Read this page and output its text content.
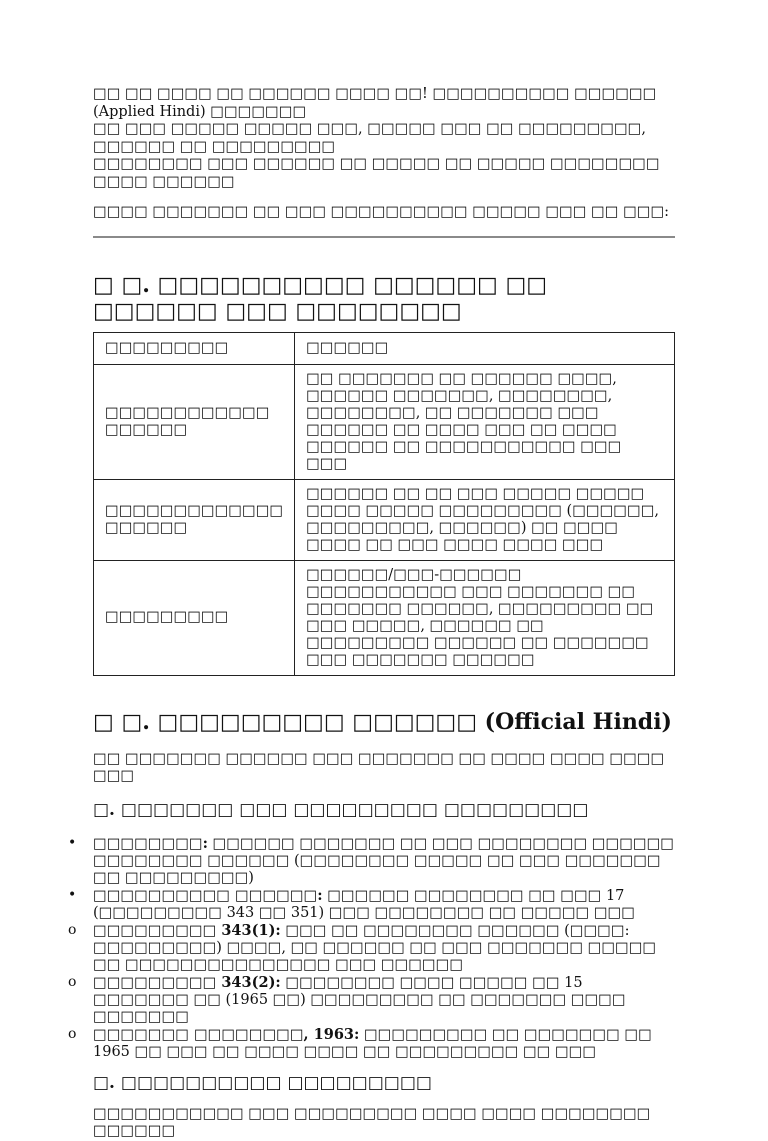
□□ □□ □□□□ □□ □□□□□□ □□□□ □□! □□□□□□□□□□ □□□□□□ (Applied Hindi) □□□□□□□
□□ □□□ □□□□□ □□□□□ □□□, □□□□□ □□□ □□ □□□□□□□□□, □□□□□□ □□ □□□□□□□□□
□□□□□□□□ □□□ □□□□□□ □□ □□□□□ □□ □□□□□ □□□□□□□□ □□□□ □□□□□□

□□□□ □□□□□□□ □□ □□□ □□□□□□□□□□ □□□□□ □□□ □□ □□□:

□ □. □□□□□□□□□□ □□□□□□ □□ □□□□□□ □□□ □□□□□□□□
□□□□□□□□□	□□□□□□
□□□□□□□□□□□□ □□□□□□	□□ □□□□□□□ □□ □□□□□□ □□□□, □□□□□□ □□□□□□□, □□□□□□□□, □□□□□□□□, □□ □□□□□□□ □□□ □□□□□□ □□ □□□□ □□□ □□ □□□□ □□□□□□ □□ □□□□□□□□□□□ □□□ □□□
□□□□□□□□□□□□□ □□□□□□	□□□□□□ □□ □□ □□□ □□□□□ □□□□□ □□□□ □□□□□ □□□□□□□□□ (□□□□□□, □□□□□□□□□, □□□□□□) □□ □□□□ □□□□ □□ □□□ □□□□ □□□□ □□□
□□□□□□□□□	□□□□□□/□□□-□□□□□□ □□□□□□□□□□□ □□□ □□□□□□□ □□ □□□□□□□ □□□□□□, □□□□□□□□□ □□ □□□ □□□□□, □□□□□□ □□ □□□□□□□□□ □□□□□□ □□ □□□□□□□ □□□ □□□□□□□ □□□□□□
□ □. □□□□□□□□□ □□□□□□ (Official Hindi)

□□ □□□□□□□ □□□□□□ □□□ □□□□□□□ □□ □□□□ □□□□ □□□□ □□□

□. □□□□□□□ □□□ □□□□□□□□□ □□□□□□□□□
• □□□□□□□□: □□□□□□ □□□□□□□ □□ □□□ □□□□□□□□ □□□□□□ □□□□□□□□ □□□□□□ (□□□□□□□□ □□□□□ □□ □□□ □□□□□□□ □□ □□□□□□□□□)
• □□□□□□□□□□ □□□□□□: □□□□□□ □□□□□□□□ □□ □□□ 17 (□□□□□□□□□ 343 □□ 351) □□□ □□□□□□□□ □□ □□□□□ □□□
o □□□□□□□□□ 343(1): □□□ □□ □□□□□□□□ □□□□□□ (□□□□: □□□□□□□□□) □□□□, □□ □□□□□□ □□ □□□ □□□□□□□ □□□□□ □□ □□□□□□□□□□□□□□□ □□□ □□□□□□
o □□□□□□□□□ 343(2): □□□□□□□□ □□□□ □□□□□ □□ 15 □□□□□□□ □□ (1965 □□) □□□□□□□□□ □□ □□□□□□□ □□□□ □□□□□□□
o □□□□□□□ □□□□□□□□, 1963: □□□□□□□□□ □□ □□□□□□□ □□ 1965 □□ □□□ □□ □□□□ □□□□ □□ □□□□□□□□□ □□ □□□
□. □□□□□□□□□□ □□□□□□□□□

□□□□□□□□□□□ □□□ □□□□□□□□□ □□□□ □□□□ □□□□□□□□ □□□□□□
